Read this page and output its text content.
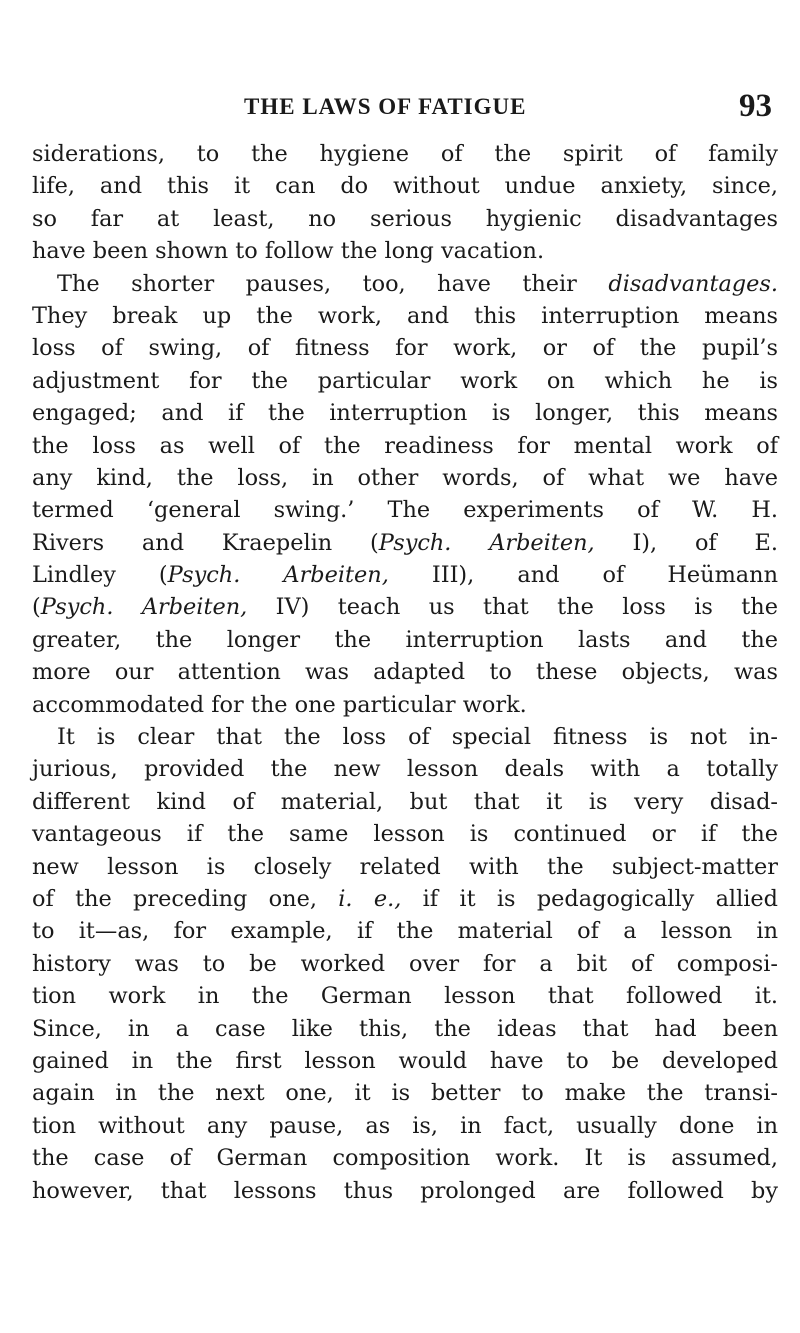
THE LAWS OF FATIGUE	93
siderations, to the hygiene of the spirit of family
life, and this it can do without undue anxiety, since,
so far at least, no serious hygienic disadvantages
have been shown to follow the long vacation.
The shorter pauses, too, have their disadvantages.
They break up the work, and this interruption means
loss of swing, of fitness for work, or of the pupil’s
adjustment for the particular work on which he is
engaged; and if the interruption is longer, this means
the loss as well of the readiness for mental work of
any kind, the loss, in other words, of what we have
termed ‘general swing.’ The experiments of W. H.
Rivers and Kraepelin (Psych. Arbeiten, I), of E.
Lindley (Psych. Arbeiten, III), and of Heümann
(Psych. Arbeiten, IV) teach us that the loss is the
greater, the longer the interruption lasts and the
more our attention was adapted to these objects, was
accommodated for the one particular work.
It is clear that the loss of special fitness is not in-
jurious, provided the new lesson deals with a totally
different kind of material, but that it is very disad-
vantageous if the same lesson is continued or if the
new lesson is closely related with the subject-matter
of the preceding one, i. e., if it is pedagogically allied
to it—as, for example, if the material of a lesson in
history was to be worked over for a bit of composi-
tion work in the German lesson that followed it.
Since, in a case like this, the ideas that had been
gained in the first lesson would have to be developed
again in the next one, it is better to make the transi-
tion without any pause, as is, in fact, usually done in
the case of German composition work. It is assumed,
however, that lessons thus prolonged are followed by
